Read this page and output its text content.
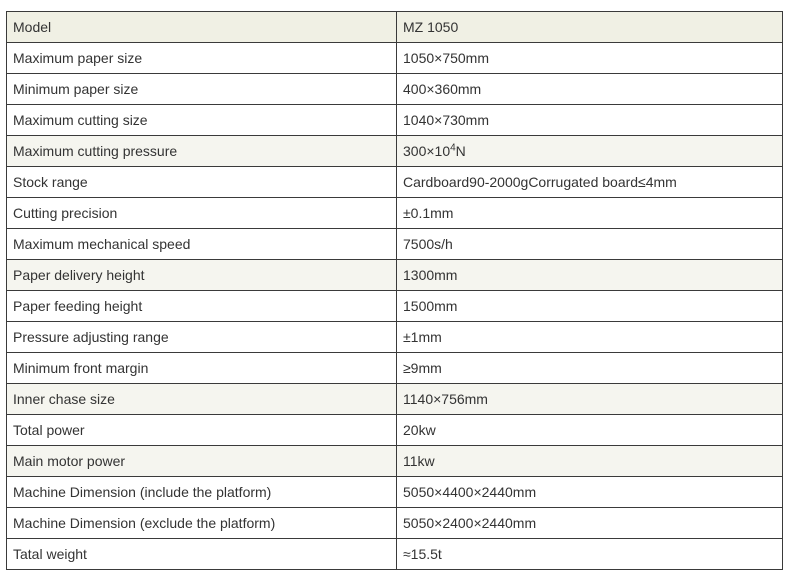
Model	MZ 1050
Maximum paper size	1050×750mm
Minimum paper size	400×360mm
Maximum cutting size	1040×730mm
Maximum cutting pressure	$300\times 10^4N$
Stock range	Cardboard90-2000gCorrugated board≤4mm
Cutting precision	±0.1mm
Maximum mechanical speed	7500s/h
Paper delivery height	1300mm
Paper feeding height	1500mm
Pressure adjusting range	±1mm
Minimum front margin	≥9mm
Inner chase size	1140×756mm
Total power	20kw
Main motor power	11kw
Machine Dimension (include the platform)	5050×4400×2440mm
Machine Dimension (exclude the platform)	5050×2400×2440mm
Tatal weight	≈15.5t
